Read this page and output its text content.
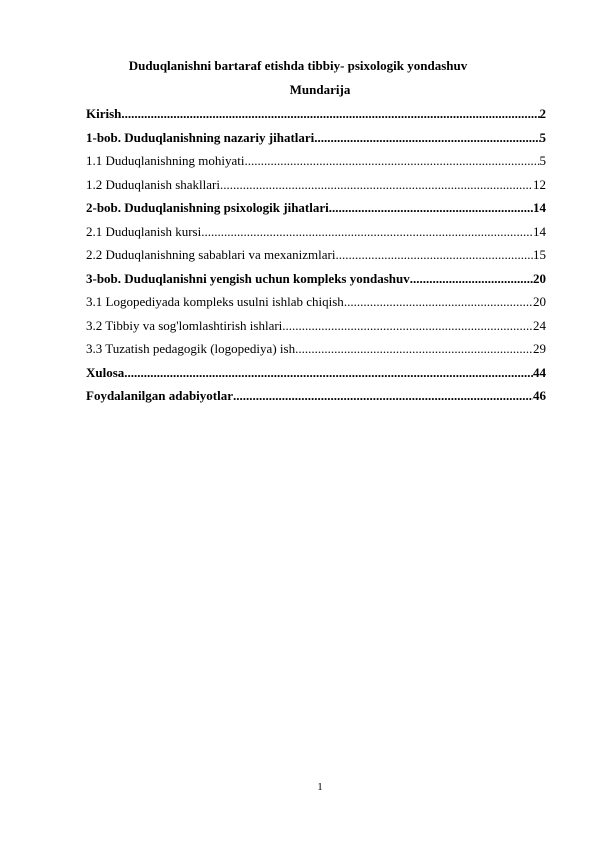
Duduqlanishni bartaraf etishda tibbiy- psixologik yondashuv
Mundarija
Kirish .....	2
1-bob. Duduqlanishning nazariy jihatlari .....	5
1.1 Duduqlanishning mohiyati .....	5
1.2 Duduqlanish shakllari .....	12
2-bob. Duduqlanishning psixologik jihatlari .....	14
2.1 Duduqlanish kursi .....	14
2.2 Duduqlanishning sabablari va mexanizmlari .....	15
3-bob. Duduqlanishni yengish uchun kompleks yondashuv .....	20
3.1 Logopediyada kompleks usulni ishlab chiqish .....	20
3.2 Tibbiy va sog'lomlashtirish ishlari .....	24
3.3 Tuzatish pedagogik (logopediya) ish .....	29
Xulosa .....	44
Foydalanilgan adabiyotlar .....	46
1
